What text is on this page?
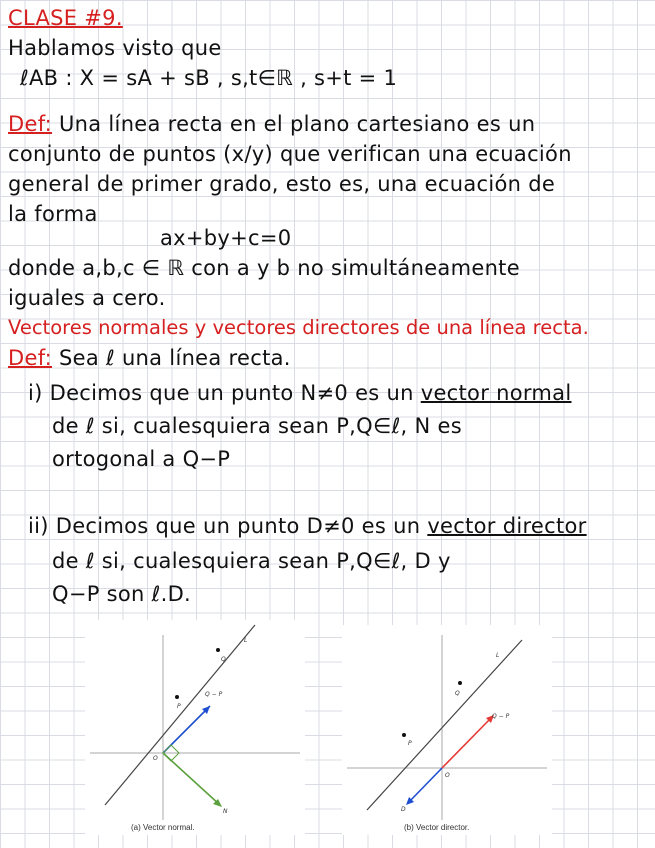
CLASE #9.
Hablamos visto que
ℓAB : X = sA + sB , s,t∈ℝ , s+t = 1
Def: Una línea recta en el plano cartesiano es un
conjunto de puntos (x/y) que verifican una ecuación
general de primer grado, esto es, una ecuación de
la forma
ax+by+c=0
donde a,b,c ∈ ℝ con a y b no simultáneamente
iguales a cero.
Vectores normales y vectores directores de una línea recta.
Def: Sea ℓ una línea recta.
i) Decimos que un punto N≠0 es un vector normal
de ℓ si, cualesquiera sean P,Q∈ℓ, N es
ortogonal a Q−P
ii) Decimos que un punto D≠0 es un vector director
de ℓ si, cualesquiera sean P,Q∈ℓ, D y
Q−P son ℓ.D.
L
Q
P
Q − P
O
N
(a) Vector normal.
L
Q
P
Q − P
O
D
(b) Vector director.
